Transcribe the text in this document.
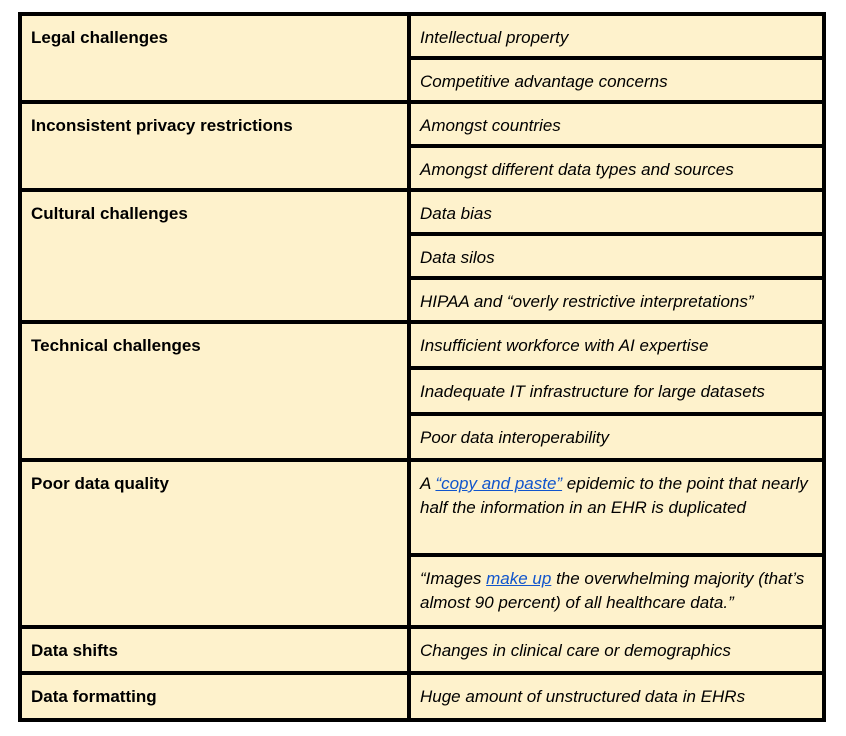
Legal challenges	Intellectual property
	Competitive advantage concerns
Inconsistent privacy restrictions	Amongst countries
	Amongst different data types and sources
Cultural challenges	Data bias
	Data silos
	HIPAA and “overly restrictive interpretations”
Technical challenges	Insufficient workforce with AI expertise
	Inadequate IT infrastructure for large datasets
	Poor data interoperability
Poor data quality	A “copy and paste” epidemic to the point that nearly half the information in an EHR is duplicated
	“Images make up the overwhelming majority (that’s almost 90 percent) of all healthcare data.”
Data shifts	Changes in clinical care or demographics
Data formatting	Huge amount of unstructured data in EHRs
